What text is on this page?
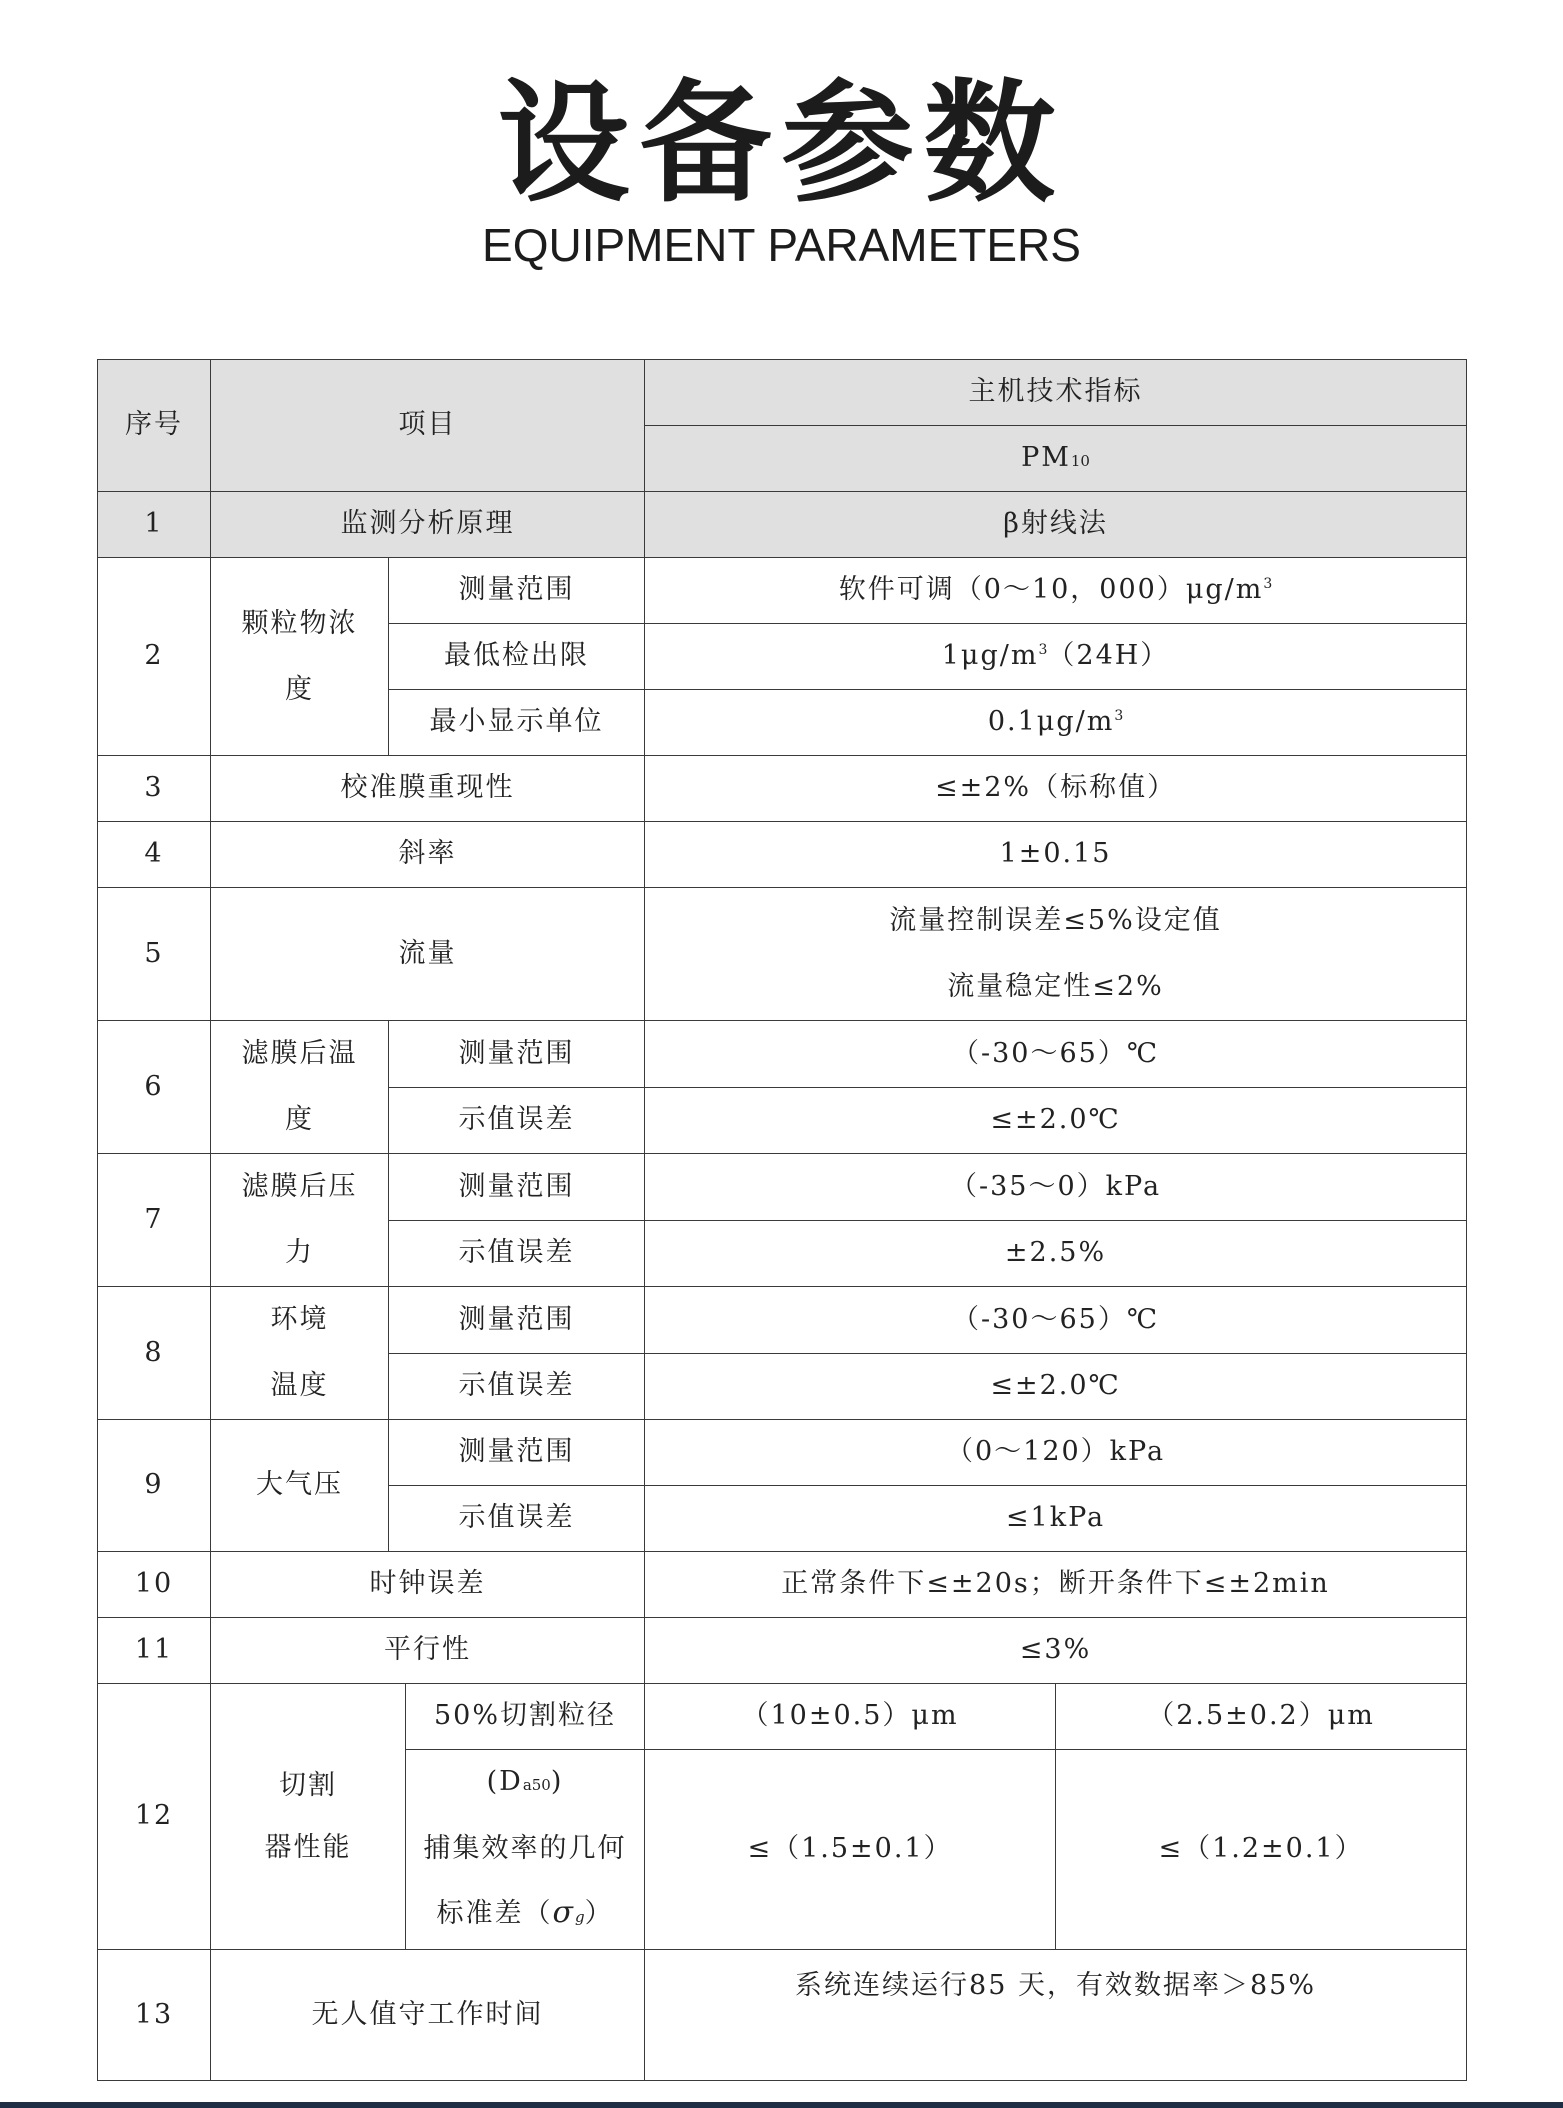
设备参数
EQUIPMENT PARAMETERS
序号	项目			主机技术指标	
				PM10	
1	监测分析原理			β射线法	
2	颗粒物浓度	测量范围		软件可调（0～10，$000)\mu g/m^3$
		最低检出限		$1\mu g/m^3(24H)$	
		最小显示单位		$0.1\mu g/m^3$
3	校准膜重现性			≤±2%（标称值）	
4	斜率			1±0.15	
5	流量			流量控制误差≤5%设定值
流量稳定性≤2%	

6	滤膜后温度	测量范围		（-30～65）℃	
		示值误差		≤±2.0℃	
7	滤膜后压力	测量范围		（-35～0）kPa	
		示值误差		±2.5%	
8	环境
温度	测量范围		（-30～65）℃	
		示值误差		≤±2.0℃	
9	大气压	测量范围		（0～120）kPa	
		示值误差		≤1kPa	
10	时钟误差			正常条件下≤±20s；断开条件下≤±2min	
11	平行性			≤3%	
12	切割
器性能		50%切割粒径	（10±0.5）μm	（2.5±0.2）μm

			(Da50)
捕集效率的几何
标准差（σg）	≤（1.5±0.1）	≤（1.2±0.1）
13	无人值守工作时间			系统连续运行85 天，有效数据率＞85%	
